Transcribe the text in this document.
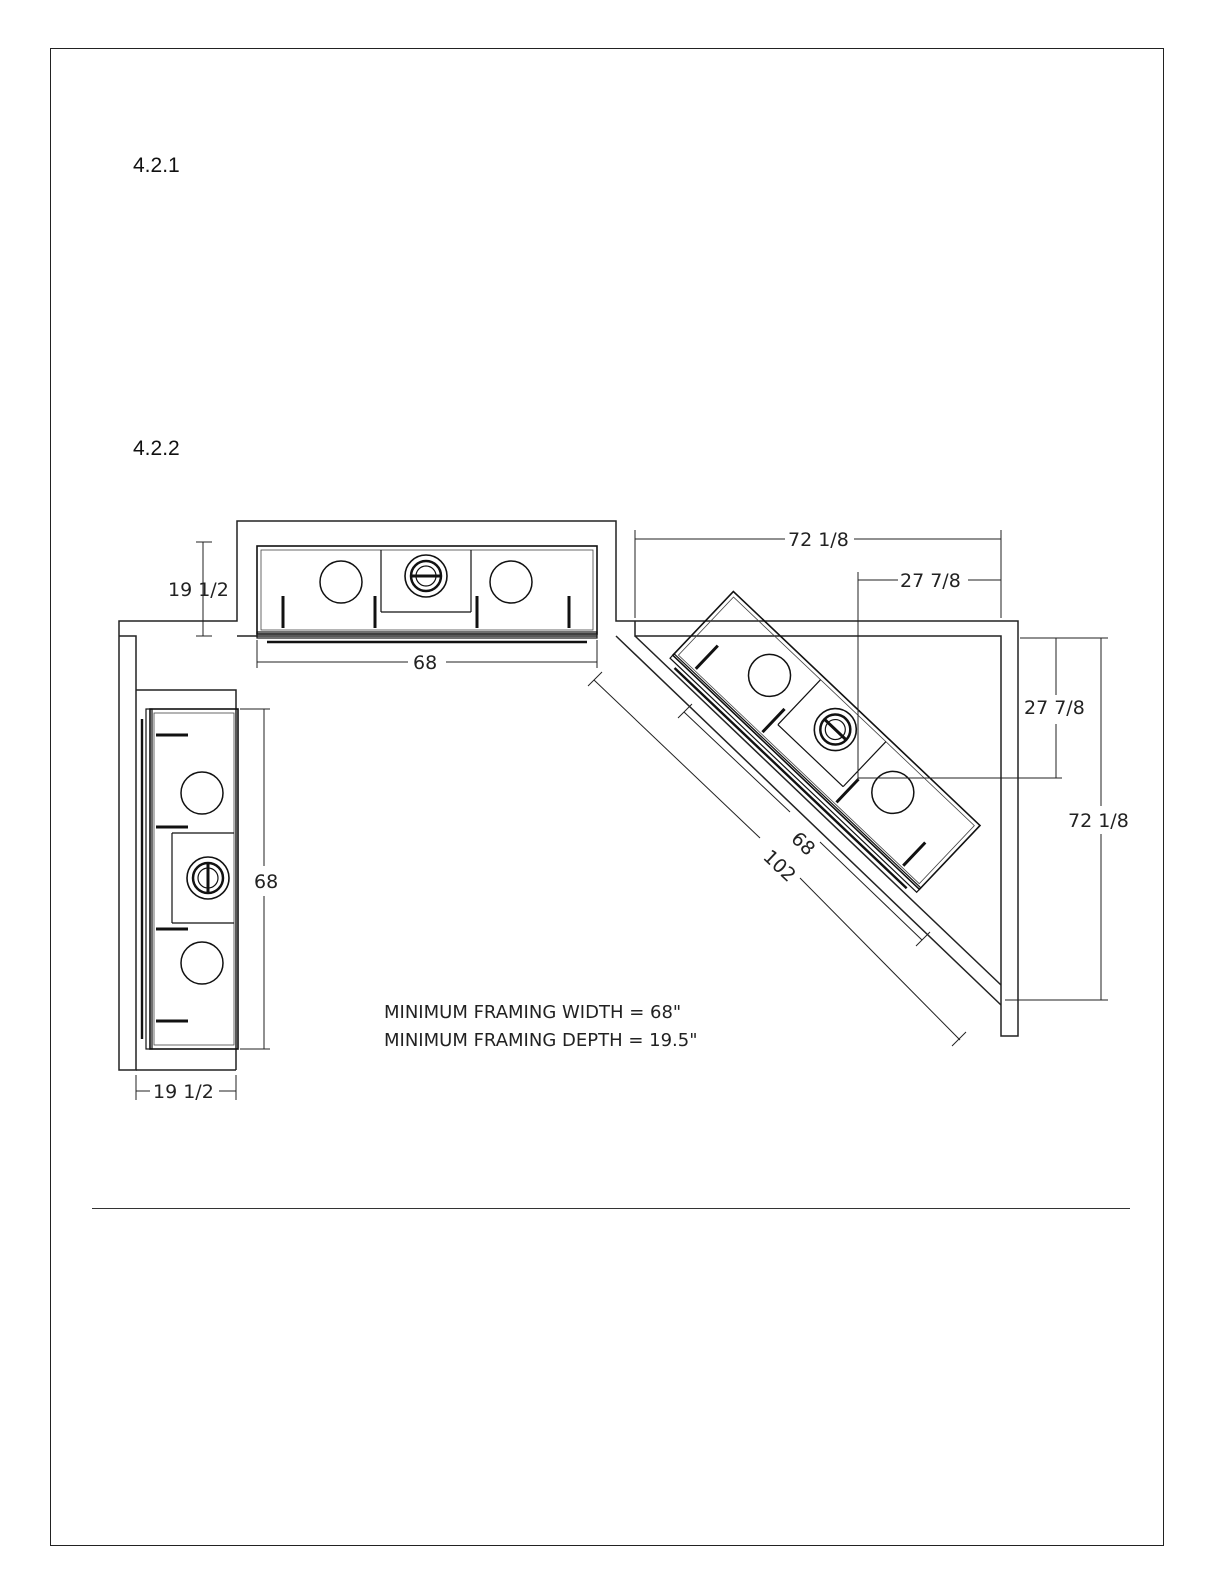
4.2.1
4.2.2
19 1/2
68
72 1/8
27 7/8
27 7/8
72 1/8
68
19 1/2
68
102
MINIMUM FRAMING WIDTH = 68"
MINIMUM FRAMING DEPTH = 19.5"
